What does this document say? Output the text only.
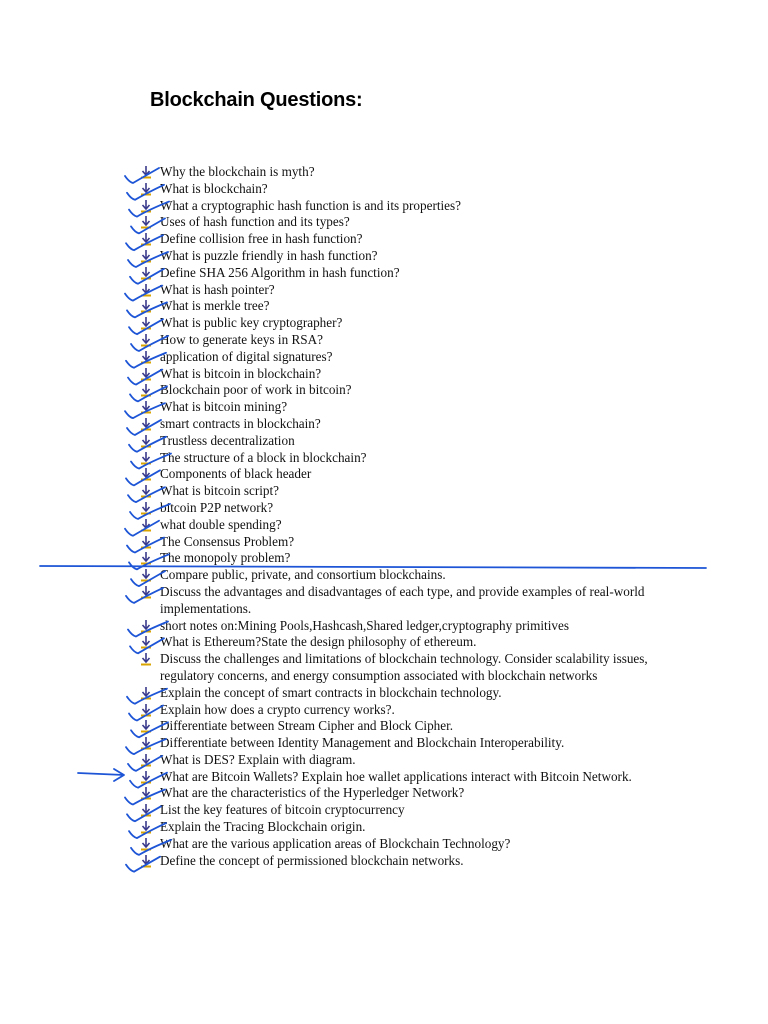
Blockchain Questions:
Why the blockchain is myth?
What is blockchain?
What a cryptographic hash function is and its properties?
Uses of hash function and its types?
Define collision free in hash function?
What is puzzle friendly in hash function?
Define SHA 256 Algorithm in hash function?
What is hash pointer?
What is merkle tree?
What is public key cryptographer?
How to generate keys in RSA?
application of digital signatures?
What is bitcoin in blockchain?
Blockchain poor of work in bitcoin?
What is bitcoin mining?
smart contracts in blockchain?
Trustless decentralization
The structure of a block in blockchain?
Components of black header
What is bitcoin script?
bitcoin P2P network?
what double spending?
The Consensus Problem?
The monopoly problem?
Compare public, private, and consortium blockchains.
Discuss the advantages and disadvantages of each type, and provide examples of real-world implementations.
short notes on:Mining Pools,Hashcash,Shared ledger,cryptography primitives
What is Ethereum?State the design philosophy of ethereum.
Discuss the challenges and limitations of blockchain technology. Consider scalability issues, regulatory concerns, and energy consumption associated with blockchain networks
Explain the concept of smart contracts in blockchain technology.
Explain how does a crypto currency works?.
Differentiate between Stream Cipher and Block Cipher.
Differentiate between Identity Management and Blockchain Interoperability.
What is DES? Explain with diagram.
What are Bitcoin Wallets? Explain hoe wallet applications interact with Bitcoin Network.
What are the characteristics of the Hyperledger Network?
List the key features of bitcoin cryptocurrency
Explain the Tracing Blockchain origin.
What are the various application areas of Blockchain Technology?
Define the concept of permissioned blockchain networks.
